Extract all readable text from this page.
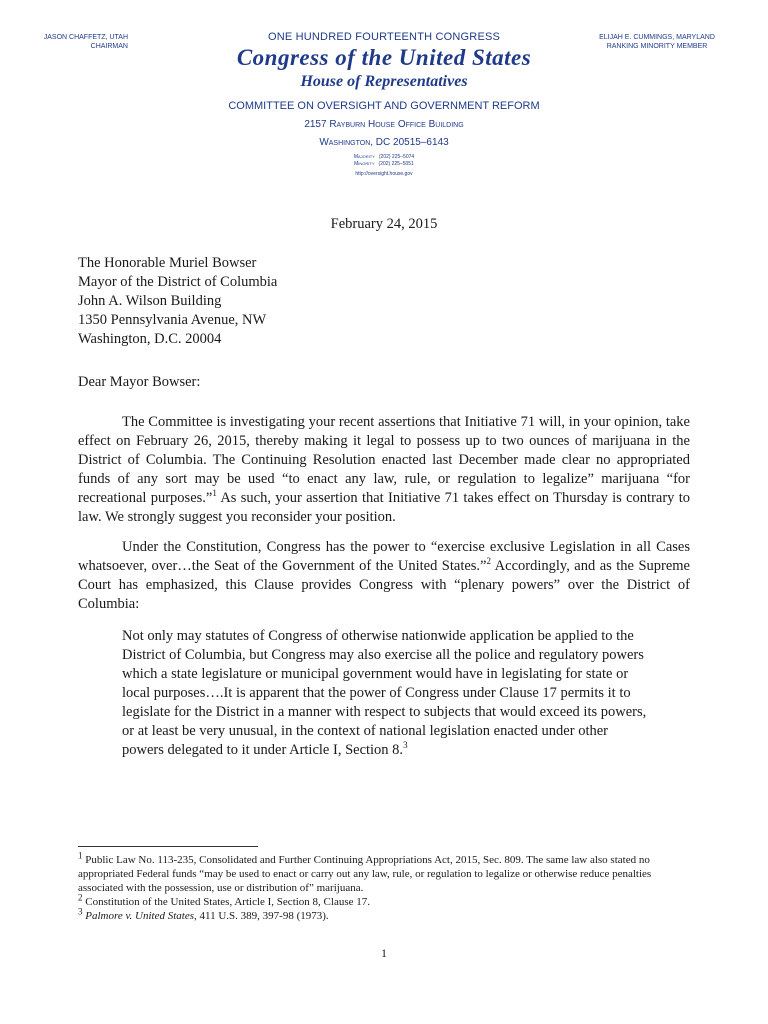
JASON CHAFFETZ, UTAH
CHAIRMAN
ONE HUNDRED FOURTEENTH CONGRESS
Congress of the United States
House of Representatives
COMMITTEE ON OVERSIGHT AND GOVERNMENT REFORM
2157 Rayburn House Office Building
Washington, DC 20515–6143
Majority (202) 225–5074
Minority (202) 225–5051
http://oversight.house.gov
ELIJAH E. CUMMINGS, MARYLAND
RANKING MINORITY MEMBER
February 24, 2015
The Honorable Muriel Bowser
Mayor of the District of Columbia
John A. Wilson Building
1350 Pennsylvania Avenue, NW
Washington, D.C. 20004
Dear Mayor Bowser:
The Committee is investigating your recent assertions that Initiative 71 will, in your opinion, take effect on February 26, 2015, thereby making it legal to possess up to two ounces of marijuana in the District of Columbia. The Continuing Resolution enacted last December made clear no appropriated funds of any sort may be used “to enact any law, rule, or regulation to legalize” marijuana “for recreational purposes.”$^1$ As such, your assertion that Initiative 71 takes effect on Thursday is contrary to law. We strongly suggest you reconsider your position.
Under the Constitution, Congress has the power to “exercise exclusive Legislation in all Cases whatsoever, over…the Seat of the Government of the United States.”$^2$ Accordingly, and as the Supreme Court has emphasized, this Clause provides Congress with “plenary powers” over the District of Columbia:
Not only may statutes of Congress of otherwise nationwide application be applied to the District of Columbia, but Congress may also exercise all the police and regulatory powers which a state legislature or municipal government would have in legislating for state or local purposes….It is apparent that the power of Congress under Clause 17 permits it to legislate for the District in a manner with respect to subjects that would exceed its powers, or at least be very unusual, in the context of national legislation enacted under other powers delegated to it under Article I, Section 8.$^3$

$^1$ Public Law No. 113-235, Consolidated and Further Continuing Appropriations Act, 2015, Sec. 809. The same law also stated no appropriated Federal funds “may be used to enact or carry out any law, rule, or regulation to legalize or otherwise reduce penalties associated with the possession, use or distribution of” marijuana.

$^2$ Constitution of the United States, Article I, Section 8, Clause 17.

$^3$ Palmore v. United States, 411 U.S. 389, 397-98 (1973).

1
